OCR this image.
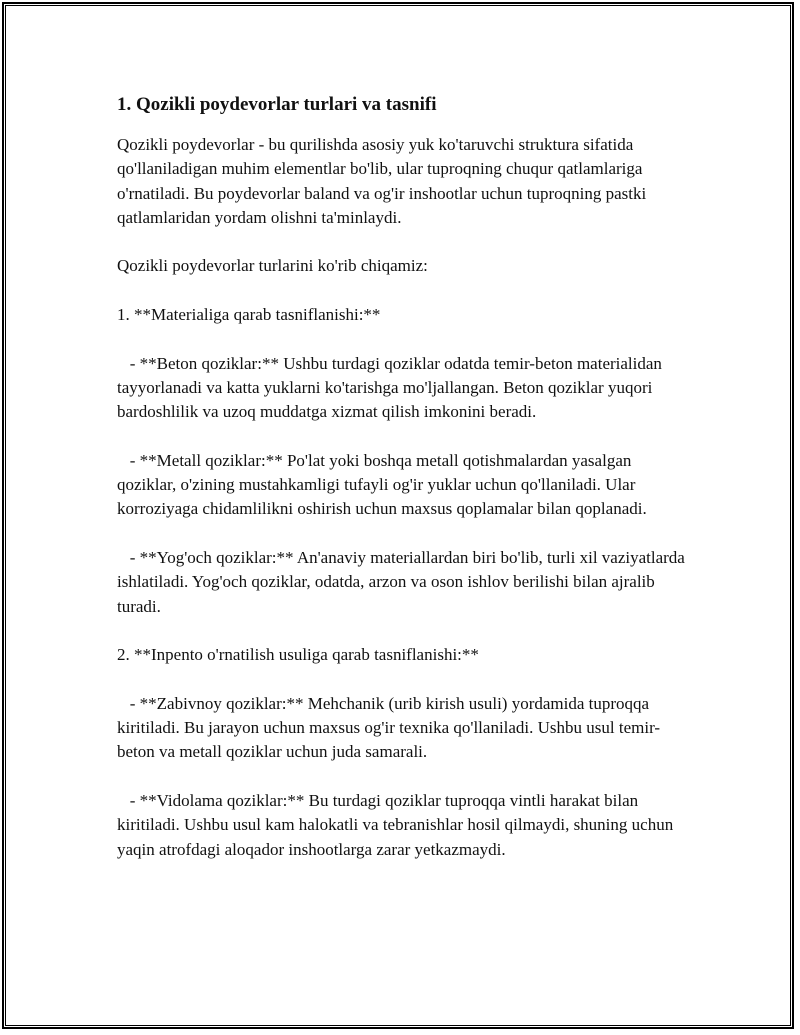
1. Qozikli poydevorlar turlari va tasnifi

Qozikli poydevorlar - bu qurilishda asosiy yuk ko'taruvchi struktura sifatida qo'llaniladigan muhim elementlar bo'lib, ular tuproqning chuqur qatlamlariga o'rnatiladi. Bu poydevorlar baland va og'ir inshootlar uchun tuproqning pastki qatlamlaridan yordam olishni ta'minlaydi.

Qozikli poydevorlar turlarini ko'rib chiqamiz:

1. **Materialiga qarab tasniflanishi:**

- **Beton qoziklar:** Ushbu turdagi qoziklar odatda temir-beton materialidan tayyorlanadi va katta yuklarni ko'tarishga mo'ljallangan. Beton qoziklar yuqori bardoshlilik va uzoq muddatga xizmat qilish imkonini beradi.

- **Metall qoziklar:** Po'lat yoki boshqa metall qotishmalardan yasalgan qoziklar, o'zining mustahkamligi tufayli og'ir yuklar uchun qo'llaniladi. Ular korroziyaga chidamlilikni oshirish uchun maxsus qoplamalar bilan qoplanadi.

- **Yog'och qoziklar:** An'anaviy materiallardan biri bo'lib, turli xil vaziyatlarda ishlatiladi. Yog'och qoziklar, odatda, arzon va oson ishlov berilishi bilan ajralib turadi.

2. **Inpento o'rnatilish usuliga qarab tasniflanishi:**

- **Zabivnoy qoziklar:** Mehchanik (urib kirish usuli) yordamida tuproqqa kiritiladi. Bu jarayon uchun maxsus og'ir texnika qo'llaniladi. Ushbu usul temir-beton va metall qoziklar uchun juda samarali.

- **Vidolama qoziklar:** Bu turdagi qoziklar tuproqqa vintli harakat bilan kiritiladi. Ushbu usul kam halokatli va tebranishlar hosil qilmaydi, shuning uchun yaqin atrofdagi aloqador inshootlarga zarar yetkazmaydi.
